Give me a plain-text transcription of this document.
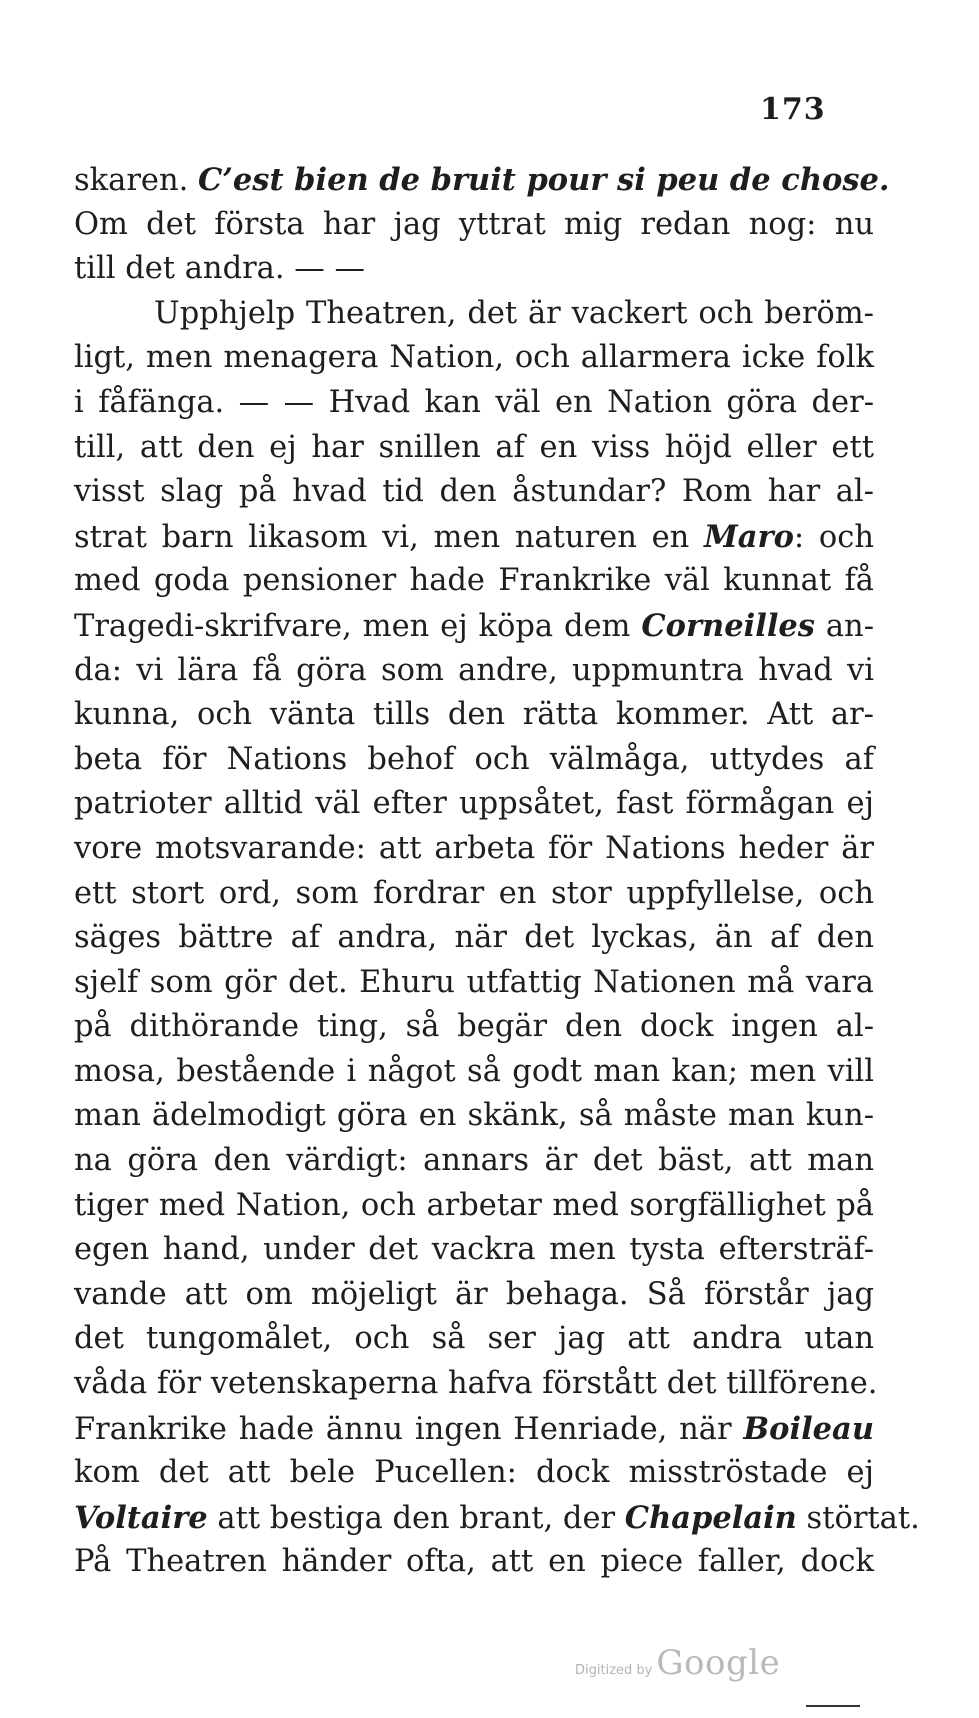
173
skaren. C’est bien de bruit pour si peu de chose.
Om det första har jag yttrat mig redan nog: nu
till det andra. — —
Upphjelp Theatren, det är vackert och beröm-
ligt, men menagera Nation, och allarmera icke folk
i fåfänga. — — Hvad kan väl en Nation göra der-
till, att den ej har snillen af en viss höjd eller ett
visst slag på hvad tid den åstundar? Rom har al-
strat barn likasom vi, men naturen en Maro: och
med goda pensioner hade Frankrike väl kunnat få
Tragedi-skrifvare, men ej köpa dem Corneilles an-
da: vi lära få göra som andre, uppmuntra hvad vi
kunna, och vänta tills den rätta kommer. Att ar-
beta för Nations behof och välmåga, uttydes af
patrioter alltid väl efter uppsåtet, fast förmågan ej
vore motsvarande: att arbeta för Nations heder är
ett stort ord, som fordrar en stor uppfyllelse, och
säges bättre af andra, när det lyckas, än af den
sjelf som gör det. Ehuru utfattig Nationen må vara
på dithörande ting, så begär den dock ingen al-
mosa, bestående i något så godt man kan; men vill
man ädelmodigt göra en skänk, så måste man kun-
na göra den värdigt: annars är det bäst, att man
tiger med Nation, och arbetar med sorgfällighet på
egen hand, under det vackra men tysta eftersträf-
vande att om möjeligt är behaga. Så förstår jag
det tungomålet, och så ser jag att andra utan
våda för vetenskaperna hafva förstått det tillförene.
Frankrike hade ännu ingen Henriade, när Boileau
kom det att bele Pucellen: dock misströstade ej
Voltaire att bestiga den brant, der Chapelain störtat.
På Theatren händer ofta, att en piece faller, dock
Digitized by Google
